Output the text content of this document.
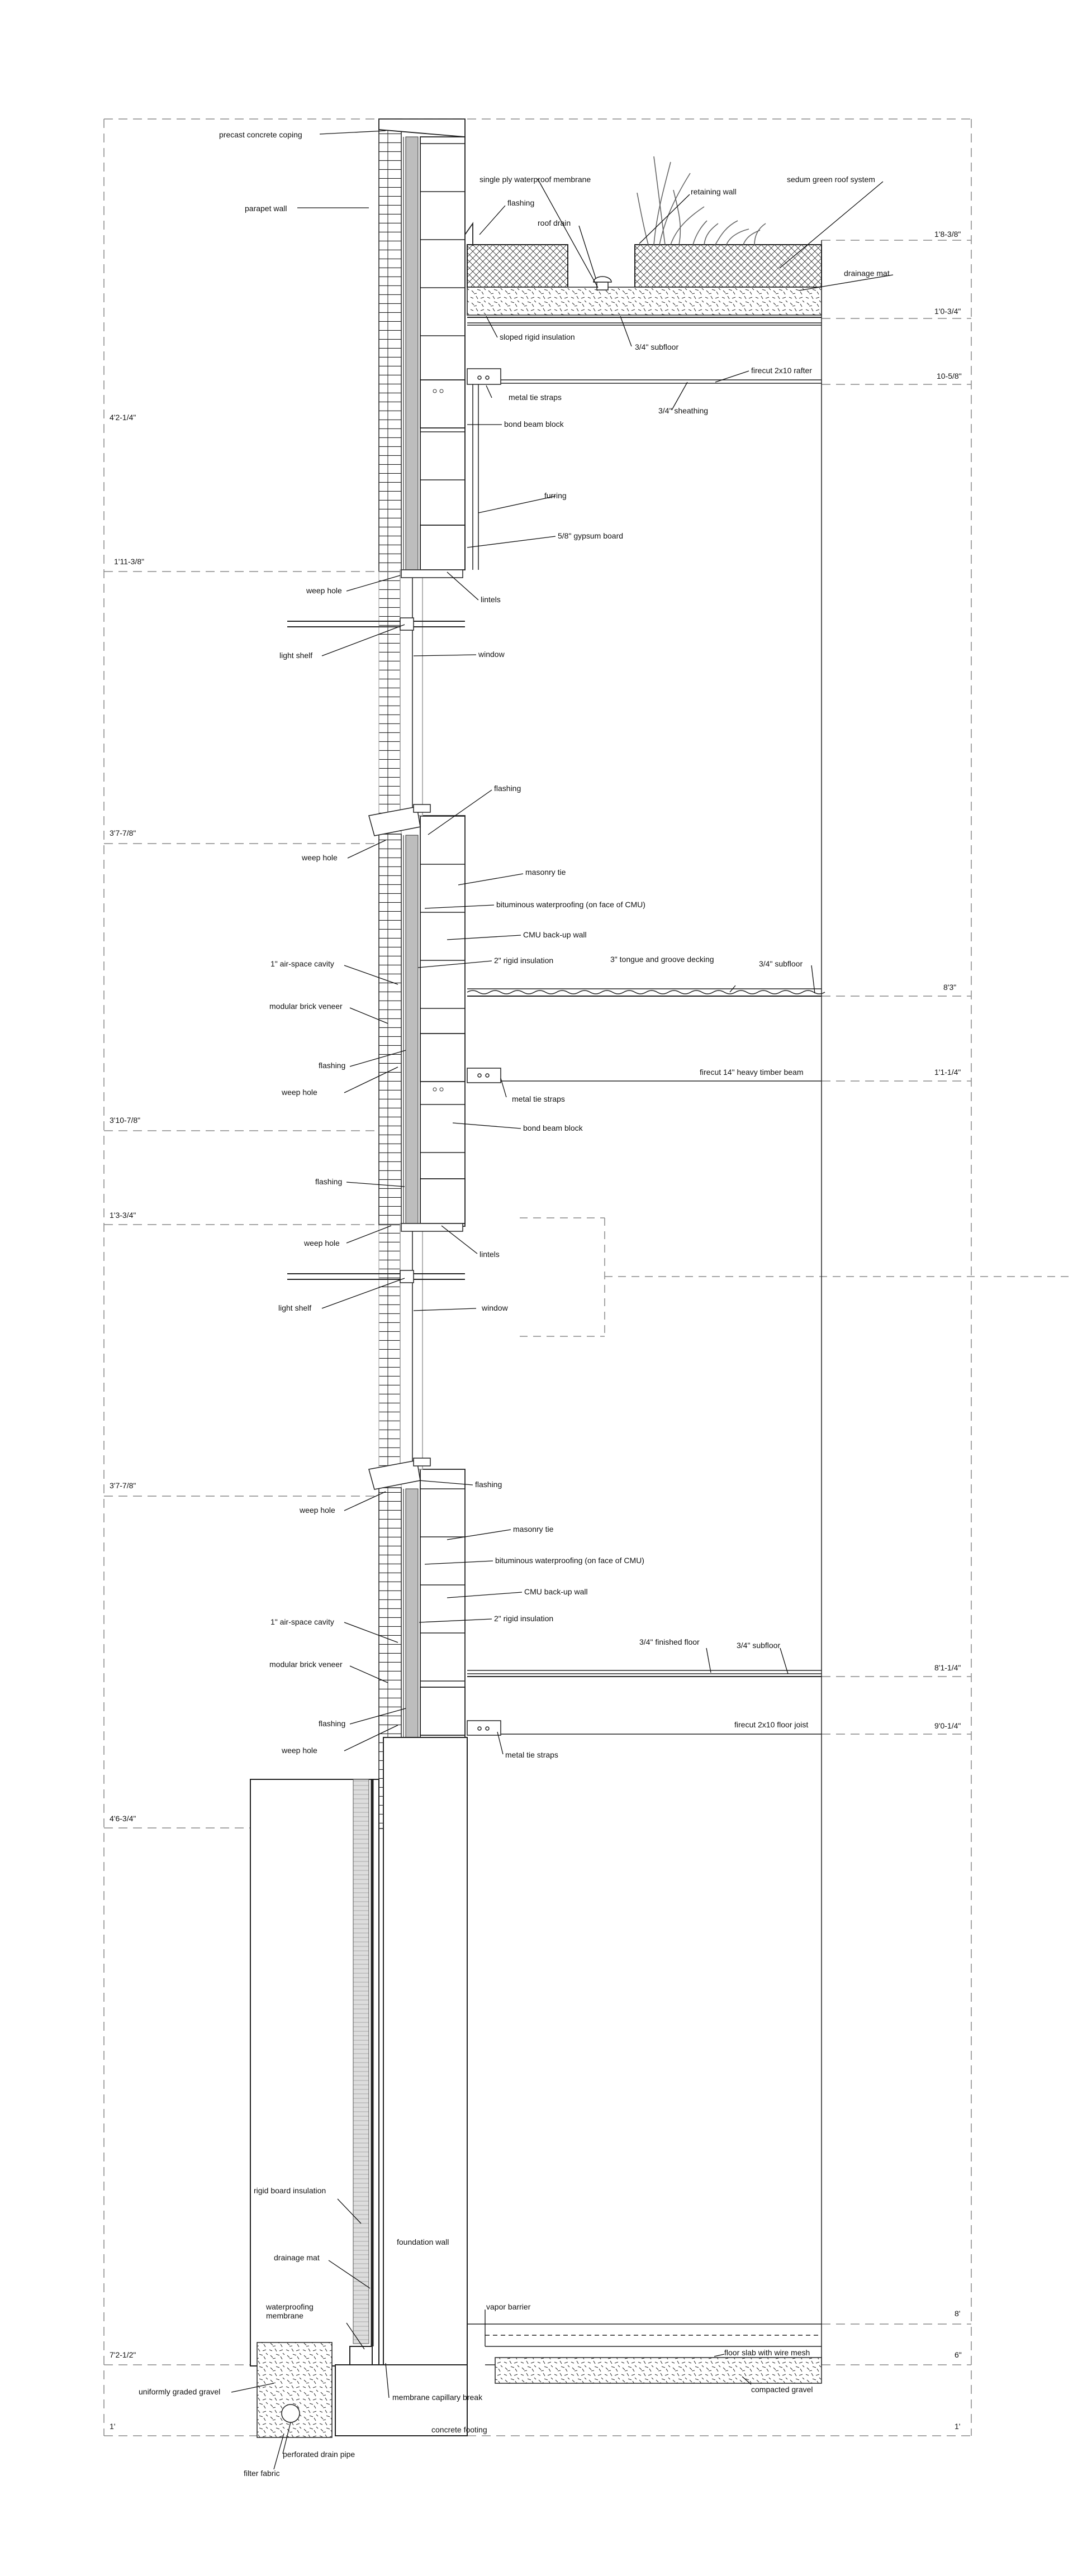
precast concrete coping
parapet wall
single ply waterproof membrane
flashing
roof drain
retaining wall
sedum green roof system
drainage mat
sloped rigid insulation
3/4" subfloor
firecut 2x10 rafter
metal tie straps
3/4" sheathing
bond beam block
furring
5/8" gypsum board
weep hole
lintels
light shelf	window
flashing
weep hole
masonry tie
bituminous waterproofing (on face of CMU)
CMU back-up wall
2" rigid insulation
1" air-space cavity	3" tongue and groove decking	3/4" subfloor
modular brick veneer
flashing
firecut 14" heavy timber beam
weep hole
metal tie straps
bond beam block
flashing
weep hole
lintels
light shelf	window
flashing
weep hole
masonry tie
bituminous waterproofing (on face of CMU)
CMU back-up wall
2" rigid insulation
1" air-space cavity
3/4" finished floor	3/4" subfloor
modular brick veneer
firecut 2x10 floor joist
flashing
weep hole	metal tie straps
rigid board insulation
foundation wall
drainage mat
waterproofing
membrane
vapor barrier
floor slab with wire mesh
uniformly graded gravel
membrane capillary break
compacted gravel
concrete footing
perforated drain pipe
filter fabric
4'2-1/4"
1'11-3/8"
3'7-7/8"
3'10-7/8"
1'3-3/4"
3'7-7/8"
4'6-3/4"
7'2-1/2"
1'
1'8-3/8"
1'0-3/4"
10-5/8"
8'3"
1'1-1/4"
8'1-1/4"
9'0-1/4"
8'
6"
1'
